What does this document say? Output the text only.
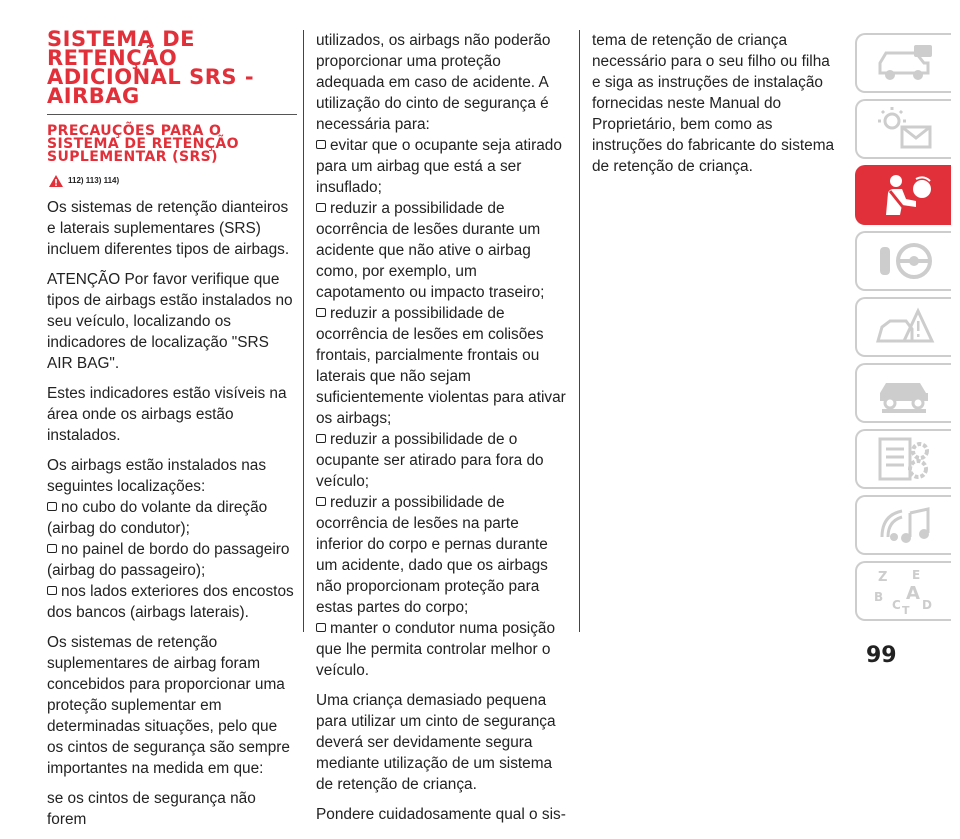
SISTEMA DE RETENÇÃO ADICIONAL SRS - AIRBAG
PRECAUÇÕES PARA O SISTEMA DE RETENÇÃO SUPLEMENTAR (SRS)
112) 113) 114)

Os sistemas de retenção dianteiros e laterais suplementares (SRS) incluem diferentes tipos de airbags.

ATENÇÃO Por favor verifique que tipos de airbags estão instalados no seu veículo, localizando os indicadores de localização "SRS AIR BAG".

Estes indicadores estão visíveis na área onde os airbags estão instalados.

Os airbags estão instalados nas seguintes localizações:

no cubo do volante da direção (airbag do condutor);
no painel de bordo do passageiro (airbag do passageiro);
nos lados exteriores dos encostos dos bancos (airbags laterais).

Os sistemas de retenção suplementares de airbag foram concebidos para proporcionar uma proteção suplementar em determinadas situações, pelo que os cintos de segurança são sempre importantes na medida em que:

se os cintos de segurança não forem

utilizados, os airbags não poderão proporcionar uma proteção adequada em caso de acidente. A utilização do cinto de segurança é necessária para:

evitar que o ocupante seja atirado para um airbag que está a ser insuflado;
reduzir a possibilidade de ocorrência de lesões durante um acidente que não ative o airbag como, por exemplo, um capotamento ou impacto traseiro;
reduzir a possibilidade de ocorrência de lesões em colisões frontais, parcialmente frontais ou laterais que não sejam suficientemente violentas para ativar os airbags;
reduzir a possibilidade de o ocupante ser atirado para fora do veículo;
reduzir a possibilidade de ocorrência de lesões na parte inferior do corpo e pernas durante um acidente, dado que os airbags não proporcionam proteção para estas partes do corpo;
manter o condutor numa posição que lhe permita controlar melhor o veículo.

Uma criança demasiado pequena para utilizar um cinto de segurança deverá ser devidamente segura mediante utilização de um sistema de retenção de criança.

Pondere cuidadosamente qual o sis-

tema de retenção de criança necessário para o seu filho ou filha e siga as instruções de instalação fornecidas neste Manual do Proprietário, bem como as instruções do fabricante do sistema de retenção de criança.

Z E
B A
C T D
99
